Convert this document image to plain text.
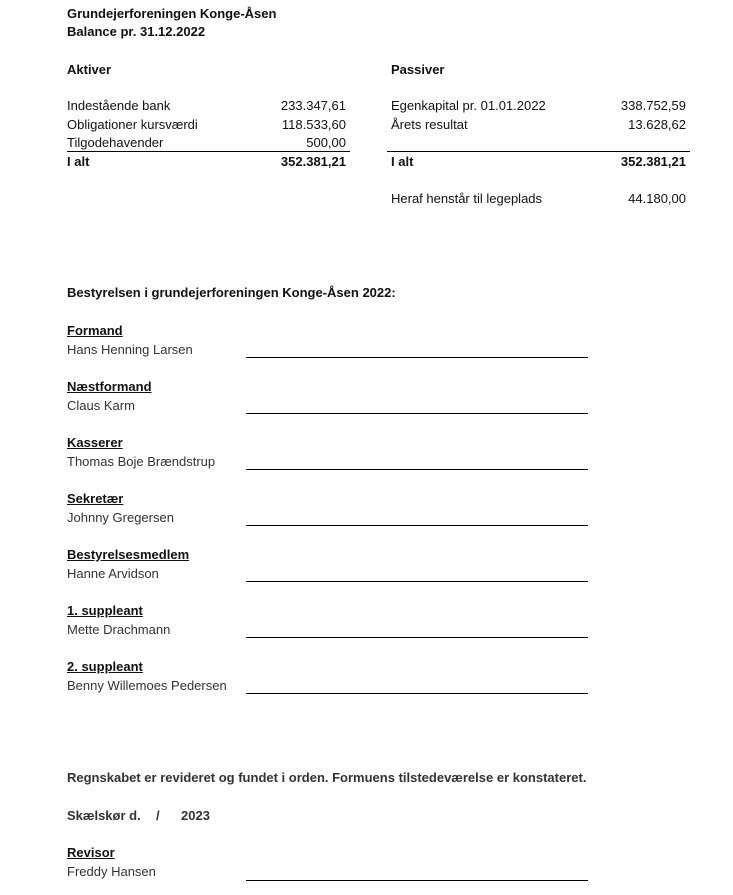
Grundejerforeningen Konge-Åsen
Balance pr. 31.12.2022
Aktiver
Indestående bank	233.347,61
Obligationer kursværdi	118.533,60
Tilgodehavender	500,00
I alt	352.381,21
Passiver
Egenkapital pr. 01.01.2022	338.752,59
Årets resultat	13.628,62
I alt	352.381,21
Heraf henstår til legeplads	44.180,00
Bestyrelsen i grundejerforeningen Konge-Åsen 2022:
Formand
Hans Henning Larsen
Næstformand
Claus Karm
Kasserer
Thomas Boje Brændstrup
Sekretær
Johnny Gregersen
Bestyrelsesmedlem
Hanne Arvidson
1. suppleant
Mette Drachmann
2. suppleant
Benny Willemoes Pedersen
Regnskabet er revideret og fundet i orden. Formuens tilstedeværelse er konstateret.
Skælskør d. / 2023
Revisor
Freddy Hansen
